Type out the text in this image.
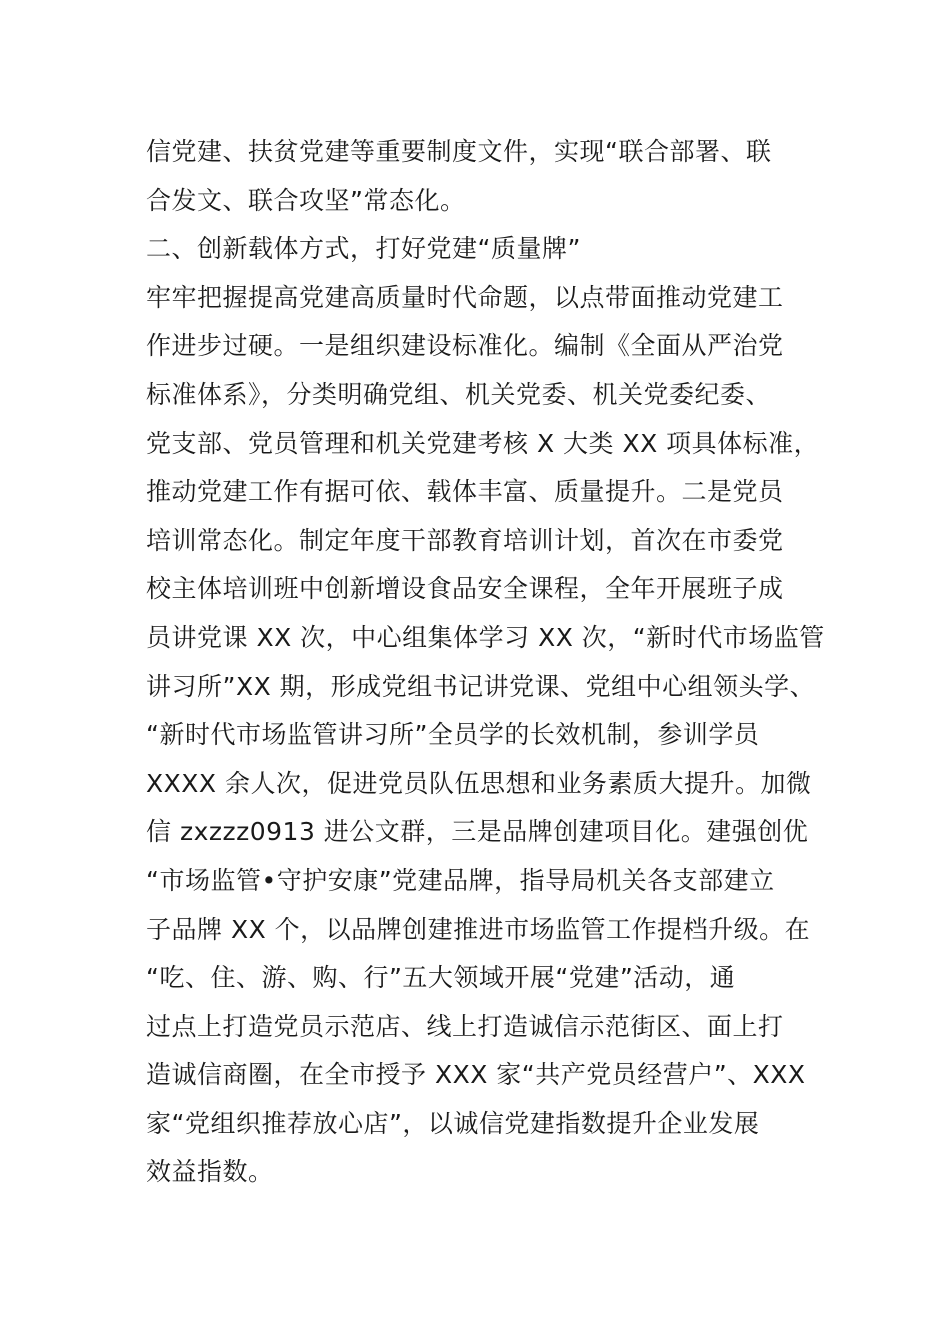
信党建、扶贫党建等重要制度文件，实现“联合部署、联
合发文、联合攻坚”常态化。
二、创新载体方式，打好党建“质量牌”
牢牢把握提高党建高质量时代命题，以点带面推动党建工
作进步过硬。一是组织建设标准化。编制《全面从严治党
标准体系》，分类明确党组、机关党委、机关党委纪委、
党支部、党员管理和机关党建考核 X 大类 XX 项具体标准，
推动党建工作有据可依、载体丰富、质量提升。二是党员
培训常态化。制定年度干部教育培训计划，首次在市委党
校主体培训班中创新增设食品安全课程，全年开展班子成
员讲党课 XX 次，中心组集体学习 XX 次，“新时代市场监管
讲习所”XX 期，形成党组书记讲党课、党组中心组领头学、
“新时代市场监管讲习所”全员学的长效机制，参训学员
XXXX 余人次，促进党员队伍思想和业务素质大提升。加微
信 zxzzz0913 进公文群，三是品牌创建项目化。建强创优
“市场监管•守护安康”党建品牌，指导局机关各支部建立
子品牌 XX 个，以品牌创建推进市场监管工作提档升级。在
“吃、住、游、购、行”五大领域开展“党建”活动，通
过点上打造党员示范店、线上打造诚信示范街区、面上打
造诚信商圈，在全市授予 XXX 家“共产党员经营户”、XXX
家“党组织推荐放心店”，以诚信党建指数提升企业发展
效益指数。
